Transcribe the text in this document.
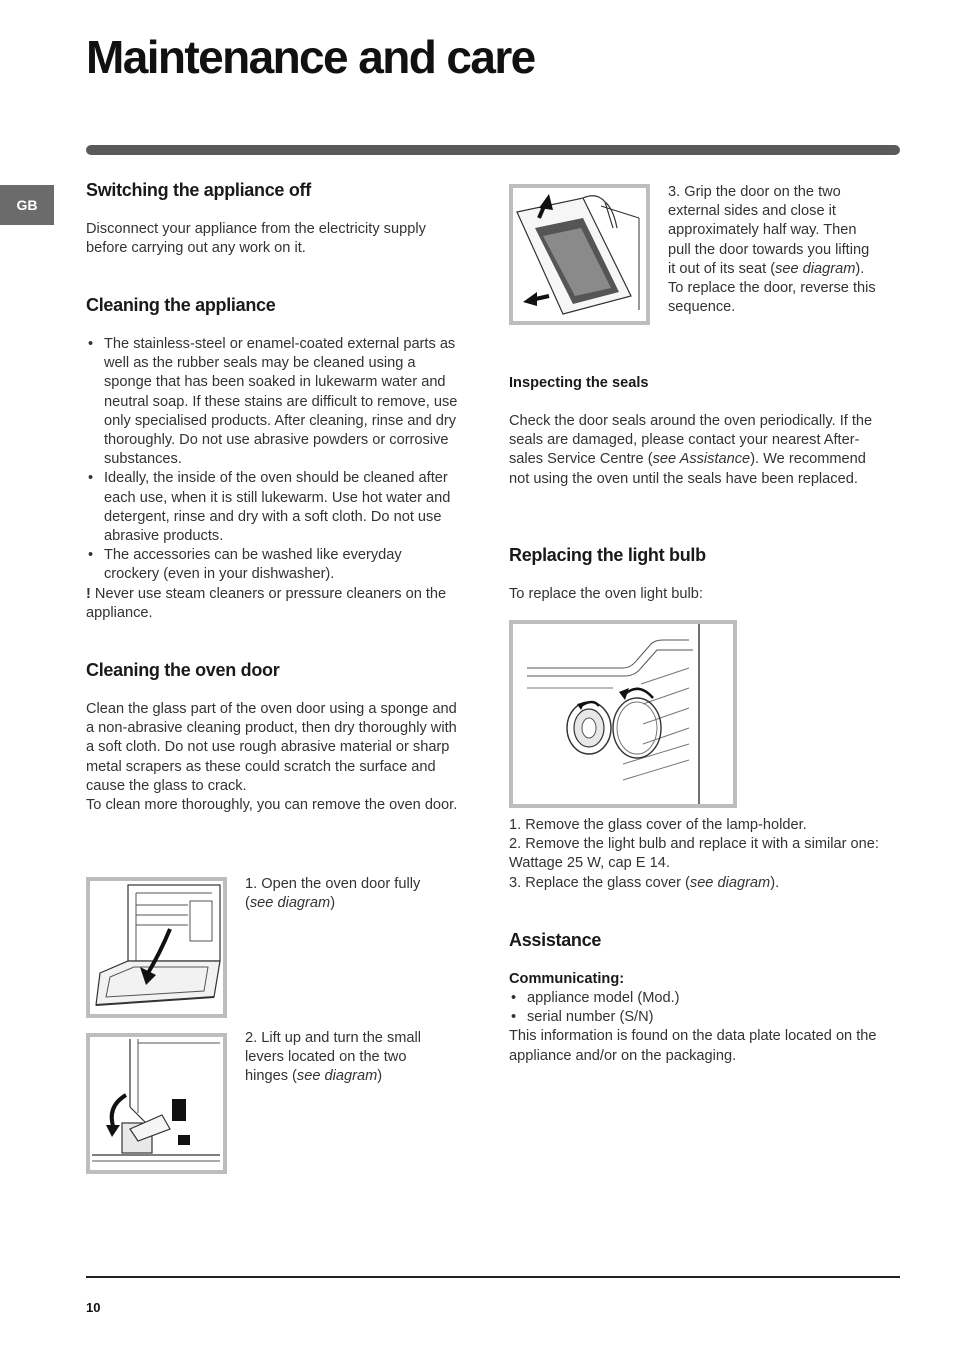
Maintenance and care
GB
Switching the appliance off

Disconnect your appliance from the electricity supply before carrying out any work on it.

Cleaning the appliance
• The stainless-steel or enamel-coated external parts as well as the rubber seals may be cleaned using a sponge that has been soaked in lukewarm water and neutral soap. If these stains are difficult to remove, use only specialised products. After cleaning, rinse and dry thoroughly. Do not use abrasive powders or corrosive substances.
• Ideally, the inside of the oven should be cleaned after each use, when it is still lukewarm. Use hot water and detergent, rinse and dry with a soft cloth. Do not use abrasive products.
• The accessories can be washed like everyday crockery (even in your dishwasher).

! Never use steam cleaners or pressure cleaners on the appliance.

Cleaning the oven door

Clean the glass part of the oven door using a sponge and a non-abrasive cleaning product, then dry thoroughly with a soft cloth. Do not use rough abrasive material or sharp metal scrapers as these could scratch the surface and cause the glass to crack.

To clean more thoroughly, you can remove the oven door.

1. Open the oven door fully (see diagram)

2. Lift up and turn the small levers located on the two hinges (see diagram)

3. Grip the door on the two external sides and close it approximately half way. Then pull the door towards you lifting it out of its seat (see diagram).

To replace the door, reverse this sequence.

Inspecting the seals

Check the door seals around the oven periodically. If the seals are damaged, please contact your nearest After-sales Service Centre (see Assistance). We recommend not using the oven until the seals have been replaced.

Replacing the light bulb

To replace the oven light bulb:

1. Remove the glass cover of the lamp-holder.

2. Remove the light bulb and replace it with a similar one: Wattage 25 W, cap E 14.

3. Replace the glass cover (see diagram).

Assistance

Communicating:

• appliance model (Mod.)
• serial number (S/N)

This information is found on the data plate located on the appliance and/or on the packaging.

10
